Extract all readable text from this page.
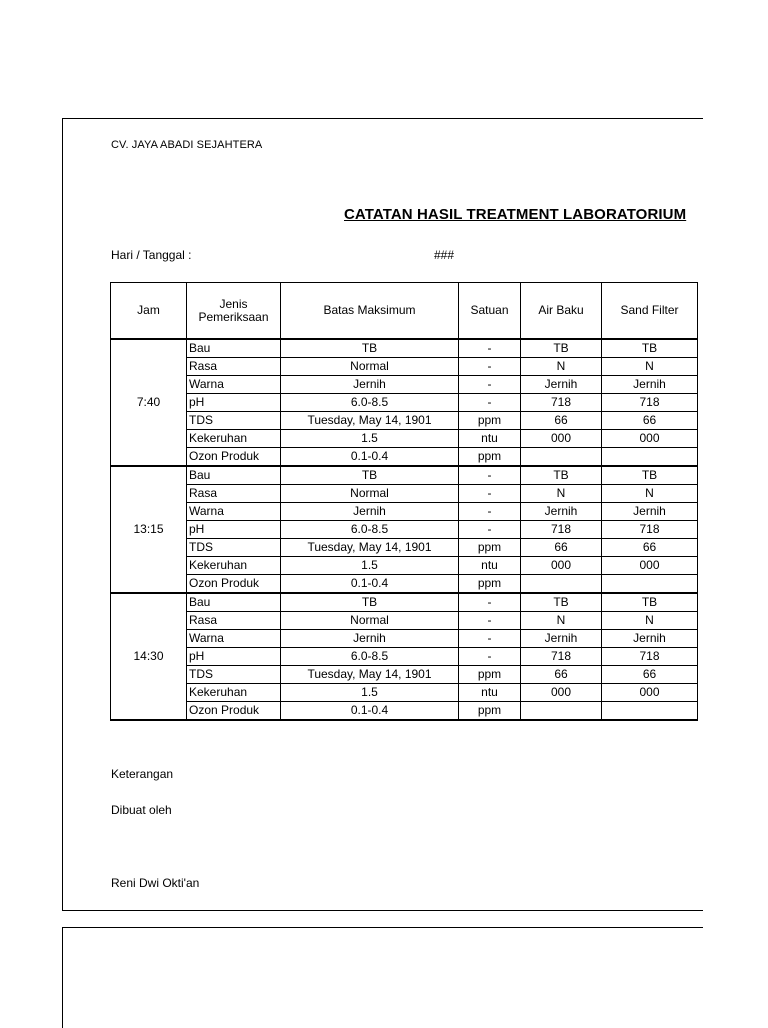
CV. JAYA ABADI SEJAHTERA
CATATAN HASIL TREATMENT LABORATORIUM
Hari / Tanggal :	###
Jam	Jenis
Pemeriksaan	Batas Maksimum	Satuan	Air Baku	Sand Filter
7:40	Bau	TB	-	TB	TB
	Rasa	Normal	-	N	N
	Warna	Jernih	-	Jernih	Jernih
	pH	6.0-8.5	-	718	718
	TDS	Tuesday, May 14, 1901	ppm	66	66
	Kekeruhan	1.5	ntu	000	000
	Ozon Produk	0.1-0.4	ppm		
13:15	Bau	TB	-	TB	TB
	Rasa	Normal	-	N	N
	Warna	Jernih	-	Jernih	Jernih
	pH	6.0-8.5	-	718	718
	TDS	Tuesday, May 14, 1901	ppm	66	66
	Kekeruhan	1.5	ntu	000	000
	Ozon Produk	0.1-0.4	ppm		
14:30	Bau	TB	-	TB	TB
	Rasa	Normal	-	N	N
	Warna	Jernih	-	Jernih	Jernih
	pH	6.0-8.5	-	718	718
	TDS	Tuesday, May 14, 1901	ppm	66	66
	Kekeruhan	1.5	ntu	000	000
	Ozon Produk	0.1-0.4	ppm		
Keterangan
Dibuat oleh
Reni Dwi Okti'an
